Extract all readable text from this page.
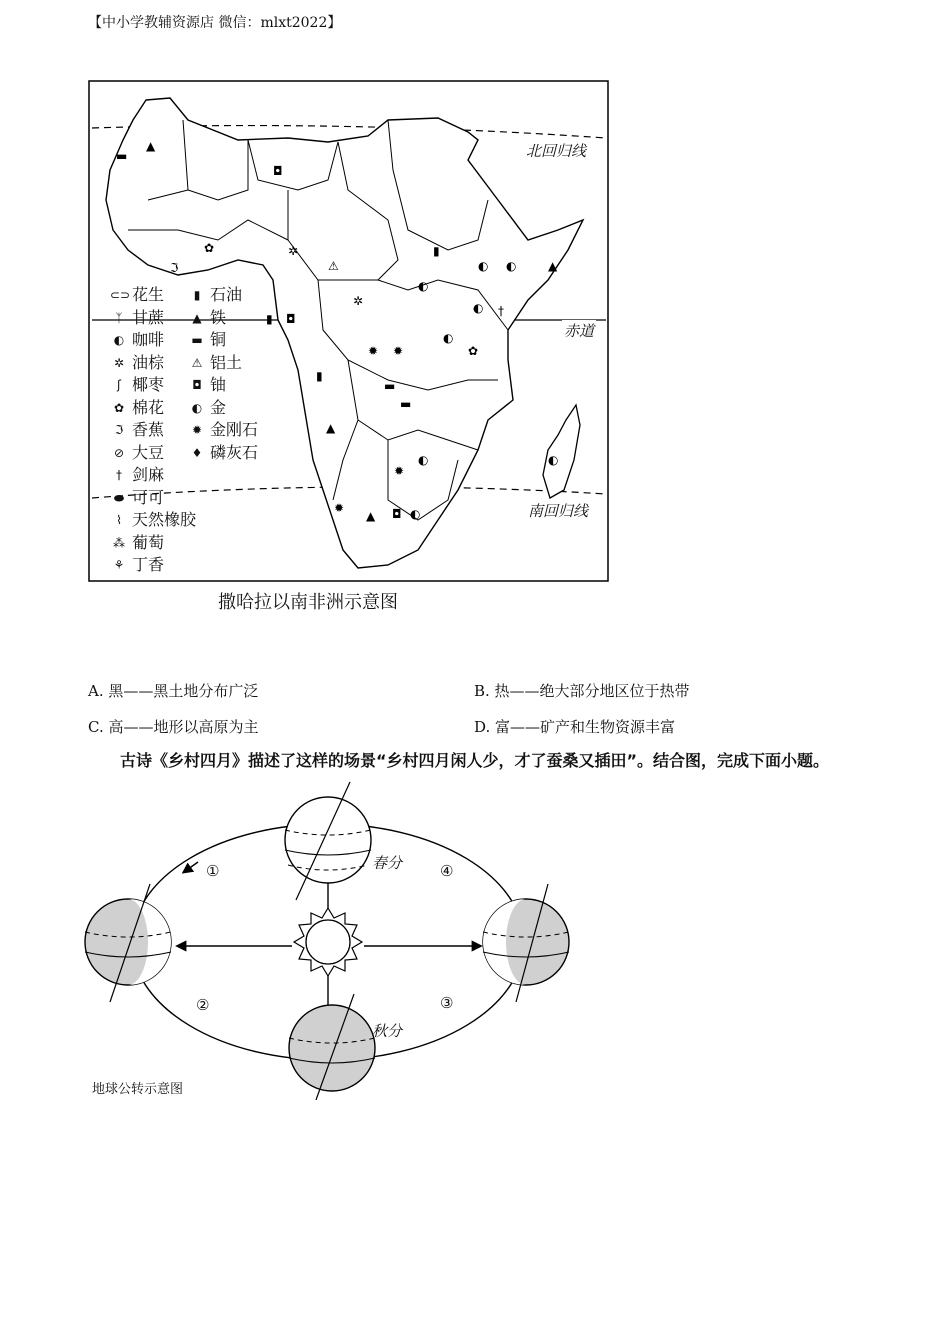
【中小学教辅资源店 微信：mlxt2022】
▲
▬
◘
▮
◐ ◐	▲
◐
◐ †
◘
▮
◐
▮
▬
▬
▲
◐
▲ ◘ ◐
◐
✿
✹ ✹
✹
✹
✿
ℑ
✲
⚠
✲
北回归线
赤道
南回归线
⊂⊃ 花生
ᛉ 甘蔗
◐ 咖啡
✲ 油棕
ʃ 椰枣
✿ 棉花
ℑ 香蕉
⊘ 大豆
† 剑麻
⬬ 可可
⌇ 天然橡胶
⁂ 葡萄
⚘ 丁香
▮ 石油
▲ 铁
▬ 铜
⚠ 铝土
◘ 铀
◐ 金
✹ 金刚石
♦ 磷灰石
撒哈拉以南非洲示意图
A. 黑——黑土地分布广泛	B. 热——绝大部分地区位于热带
C. 高——地形以高原为主	D. 富——矿产和生物资源丰富
古诗《乡村四月》描述了这样的场景“乡村四月闲人少，才了蚕桑又插田”。结合图，完成下面小题。
春分
秋分
①
②	③
④
地球公转示意图
